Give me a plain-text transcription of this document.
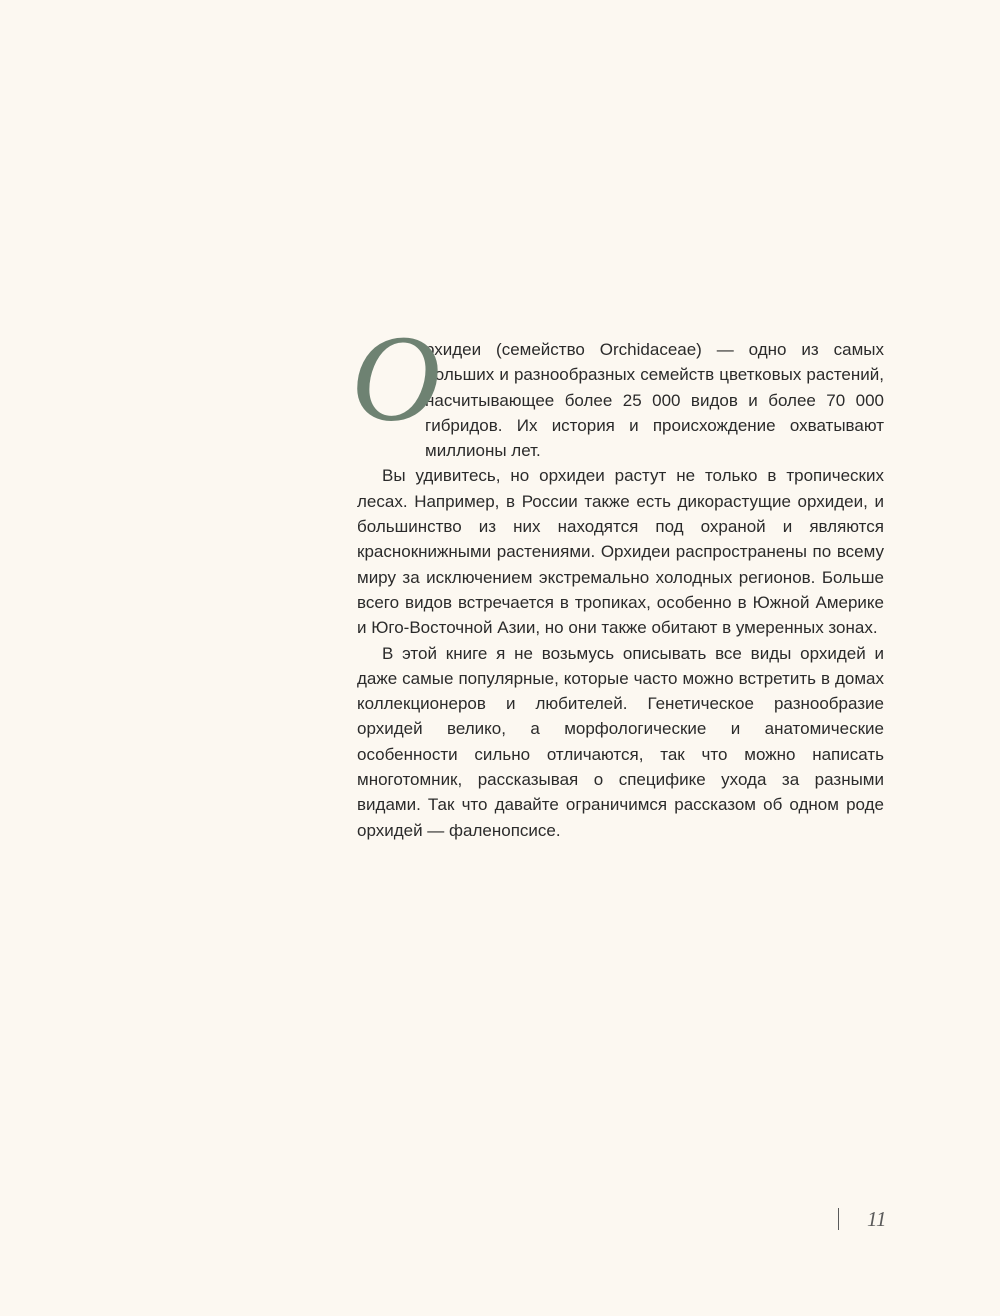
О
рхидеи (семейство Orchidaceae) — одно из самых больших и разнообразных семейств цветковых растений, насчитывающее более 25 000 видов и более 70 000 гибридов. Их история и происхождение охватывают миллионы лет.

Вы удивитесь, но орхидеи растут не только в тропических лесах. Например, в России также есть дикорастущие орхидеи, и большинство из них находятся под охраной и являются краснокнижными растениями. Орхидеи распространены по всему миру за исключением экстремально холодных регионов. Больше всего видов встречается в тропиках, особенно в Южной Америке и Юго-Восточной Азии, но они также обитают в умеренных зонах.

В этой книге я не возьмусь описывать все виды орхидей и даже самые популярные, которые часто можно встретить в домах коллекционеров и любителей. Генетическое разнообразие орхидей велико, а морфологические и анатомические особенности сильно отличаются, так что можно написать многотомник, рассказывая о специфике ухода за разными видами. Так что давайте ограничимся рассказом об одном роде орхидей — фаленопсисе.

11
